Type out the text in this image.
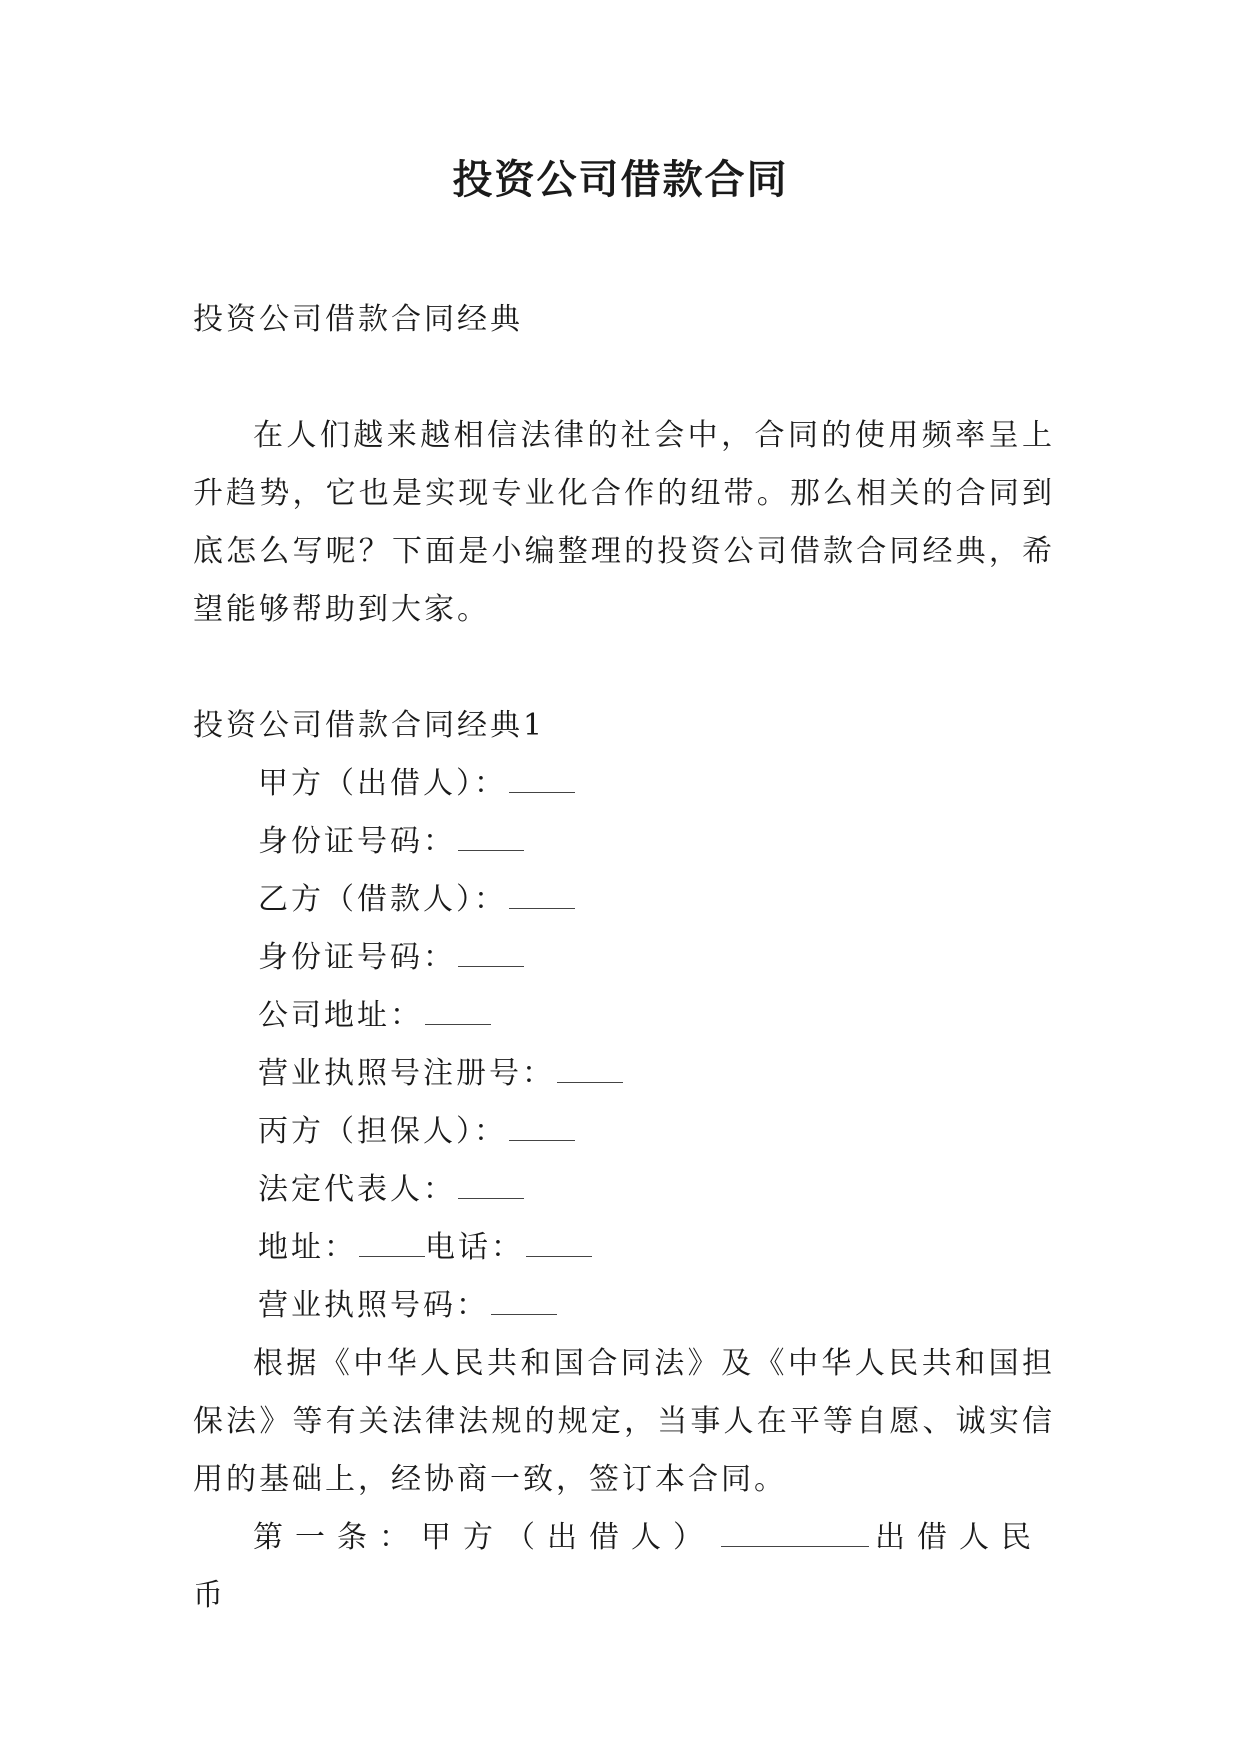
投资公司借款合同

投资公司借款合同经典

在人们越来越相信法律的社会中，合同的使用频率呈上升趋势，它也是实现专业化合作的纽带。那么相关的合同到底怎么写呢？下面是小编整理的投资公司借款合同经典，希望能够帮助到大家。

投资公司借款合同经典1

甲方（出借人）：

身份证号码：

乙方（借款人）：

身份证号码：

公司地址：

营业执照号注册号：

丙方（担保人）：

法定代表人：

地址： 电话：

营业执照号码：

根据《中华人民共和国合同法》及《中华人民共和国担保法》等有关法律法规的规定，当事人在平等自愿、诚实信用的基础上，经协商一致，签订本合同。

第一条：甲方（出借人）	出借人民币
